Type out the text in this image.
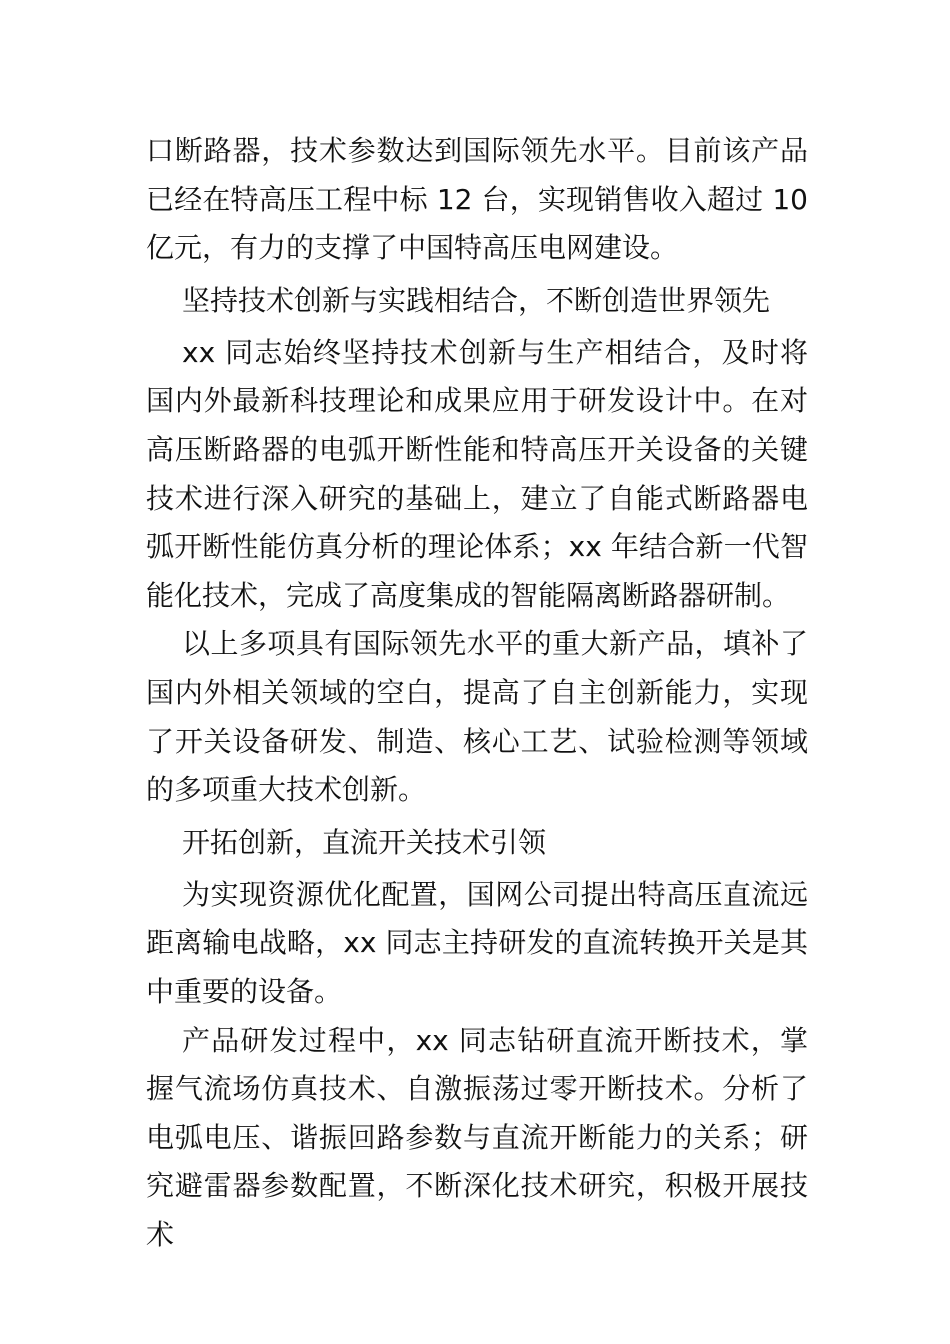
口断路器，技术参数达到国际领先水平。目前该产品已经在特高压工程中标 12 台，实现销售收入超过 10 亿元，有力的支撑了中国特高压电网建设。

坚持技术创新与实践相结合，不断创造世界领先

xx 同志始终坚持技术创新与生产相结合，及时将国内外最新科技理论和成果应用于研发设计中。在对高压断路器的电弧开断性能和特高压开关设备的关键技术进行深入研究的基础上，建立了自能式断路器电弧开断性能仿真分析的理论体系；xx 年结合新一代智能化技术，完成了高度集成的智能隔离断路器研制。

以上多项具有国际领先水平的重大新产品，填补了国内外相关领域的空白，提高了自主创新能力，实现了开关设备研发、制造、核心工艺、试验检测等领域的多项重大技术创新。

开拓创新，直流开关技术引领

为实现资源优化配置，国网公司提出特高压直流远距离输电战略，xx 同志主持研发的直流转换开关是其中重要的设备。

产品研发过程中，xx 同志钻研直流开断技术，掌握气流场仿真技术、自激振荡过零开断技术。分析了电弧电压、谐振回路参数与直流开断能力的关系；研究避雷器参数配置，不断深化技术研究，积极开展技术
